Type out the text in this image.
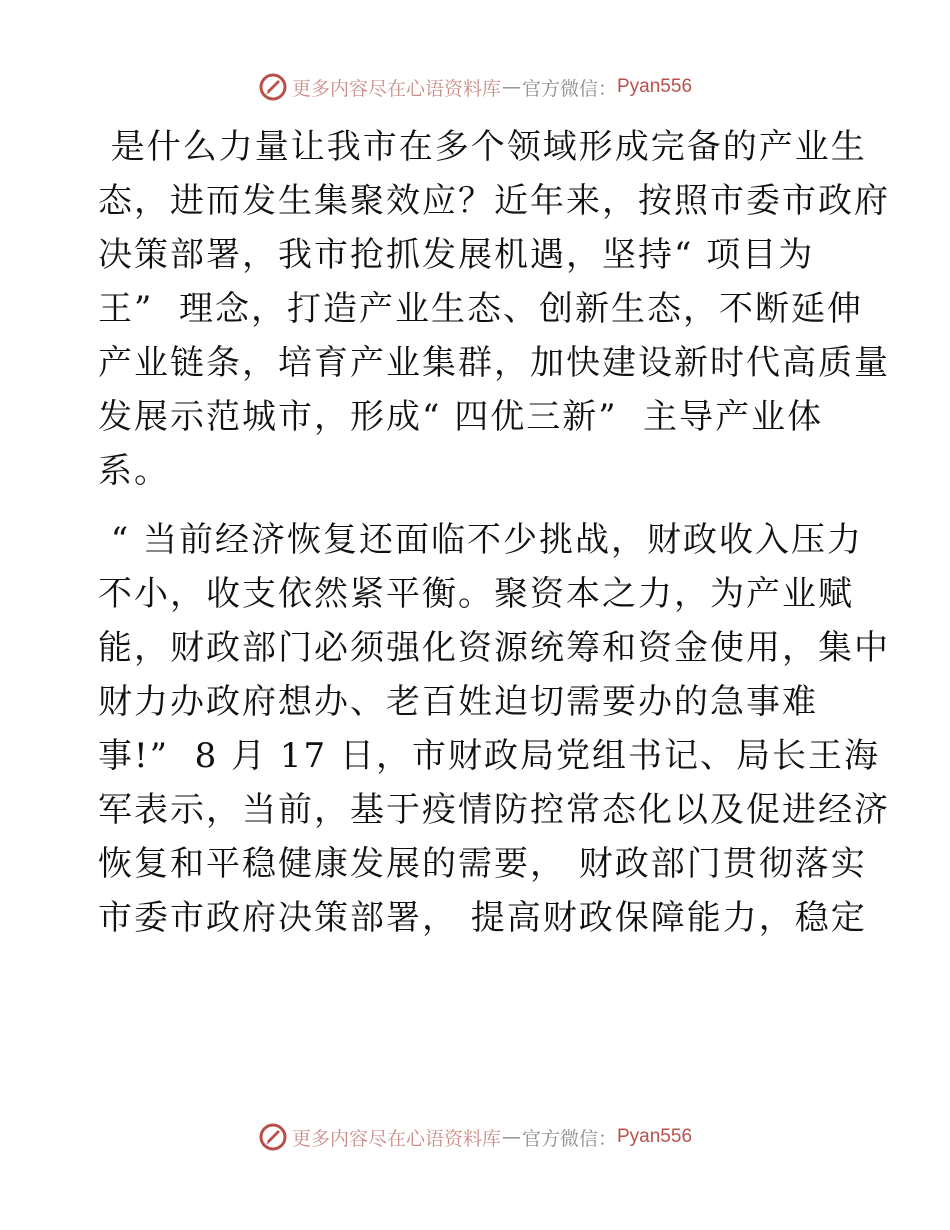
更多内容尽在心语资料库 — 官方微信： Pyan556
是什么力量让我市在多个领域形成完备的产业生
态，进而发生集聚效应？近年来，按照市委市政府
决策部署，我市抢抓发展机遇，坚持“ 项目为
王”  理念，打造产业生态、创新生态，不断延伸
产业链条，培育产业集群，加快建设新时代高质量
发展示范城市，形成“ 四优三新”  主导产业体
系。
“ 当前经济恢复还面临不少挑战，财政收入压力
不小，收支依然紧平衡。聚资本之力，为产业赋
能，财政部门必须强化资源统筹和资金使用，集中
财力办政府想办、老百姓迫切需要办的急事难
事!”  8 月 17 日，市财政局党组书记、局长王海
军表示，当前，基于疫情防控常态化以及促进经济
恢复和平稳健康发展的需要， 财政部门贯彻落实
市委市政府决策部署， 提高财政保障能力，稳定
更多内容尽在心语资料库 — 官方微信： Pyan556
